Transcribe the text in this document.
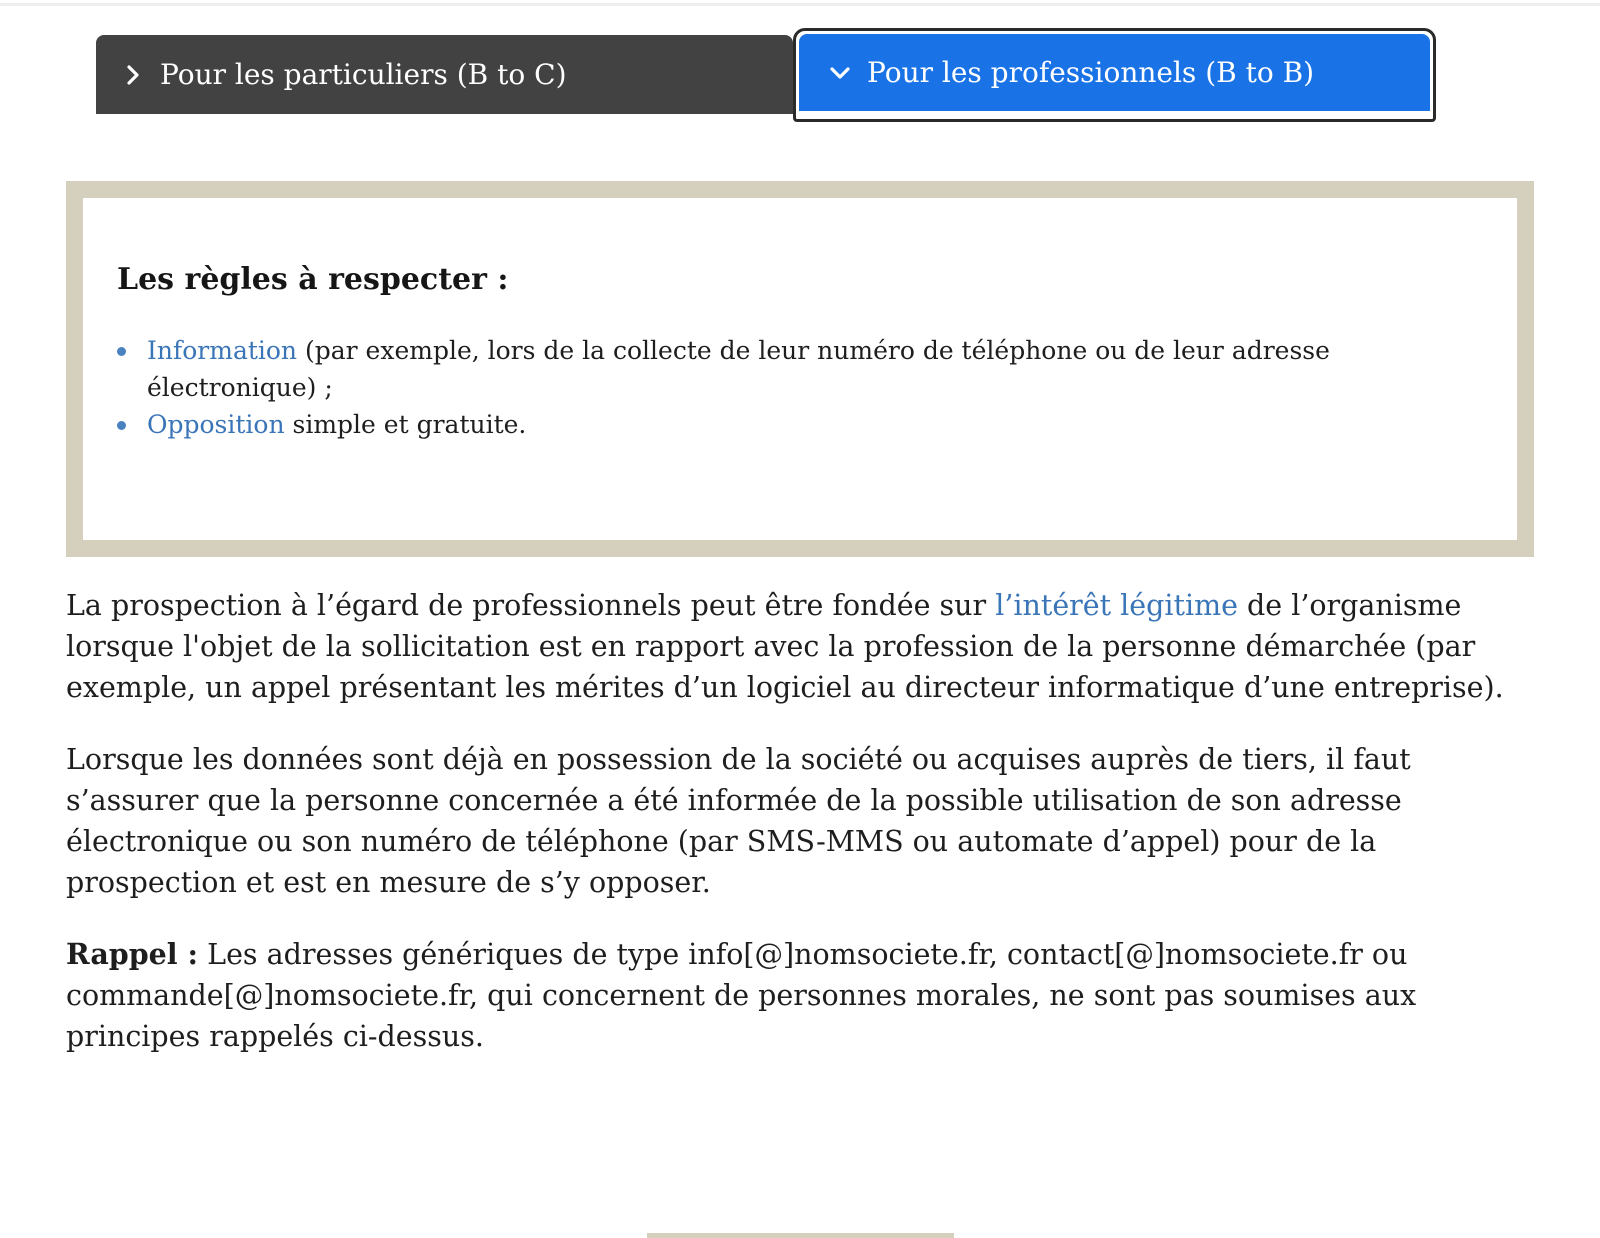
Pour les particuliers (B to C)	Pour les professionnels (B to B)
Les règles à respecter :
Information (par exemple, lors de la collecte de leur numéro de téléphone ou de leur adresse électronique) ;
Opposition simple et gratuite.

La prospection à l’égard de professionnels peut être fondée sur l’intérêt légitime de l’organisme lorsque l'objet de la sollicitation est en rapport avec la profession de la personne démarchée (par exemple, un appel présentant les mérites d’un logiciel au directeur informatique d’une entreprise).

Lorsque les données sont déjà en possession de la société ou acquises auprès de tiers, il faut s’assurer que la personne concernée a été informée de la possible utilisation de son adresse électronique ou son numéro de téléphone (par SMS-MMS ou automate d’appel) pour de la prospection et est en mesure de s’y opposer.

Rappel : Les adresses génériques de type info[@]nomsociete.fr, contact[@]nomsociete.fr ou commande[@]nomsociete.fr, qui concernent de personnes morales, ne sont pas soumises aux principes rappelés ci-dessus.
